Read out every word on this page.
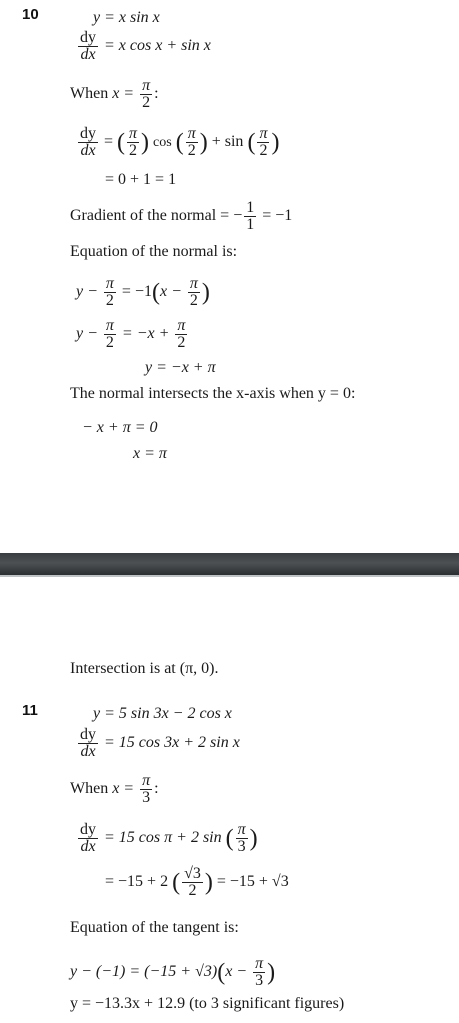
10	y = x sin x
$\frac{dy}{dx} = x$ cos x + sin x
When $x = \frac{\pi}{2}$ :
$\frac{dy}{dx}$ = ( $\frac{\pi}{2}$ ) cos ( $\frac{\pi}{2}$ ) + sin ( $\frac{\pi}{2}$ )
= 0 + 1 = 1
Gradient of the normal = − $\frac{1}{1} = -1$
Equation of the normal is:
$y - \frac{\pi}{2} = -1(x - \frac{\pi}{2}$ )
$y - \frac{\pi}{2} = -x + \frac{\pi}{2}$
y = −x + π
The normal intersects the x-axis when y = 0:
− x + π = 0
x = π
Intersection is at (π, 0).
11	y = 5 sin 3x − 2 cos x
$\frac{dy}{dx} = 15$ cos 3x + 2 sin x
When $x = \frac{\pi}{3}$ :
$\frac{dy}{dx} = 15$ cos π + 2 sin ( $\frac{\pi}{3}$ )
= −15 + 2 ( $\frac{√3}{2}$ ) = −15 + √3
Equation of the tangent is:
$y - (-1) = (-15 + √3)(x - \frac{\pi}{3}$ )
y = −13.3x + 12.9 (to 3 significant figures)
